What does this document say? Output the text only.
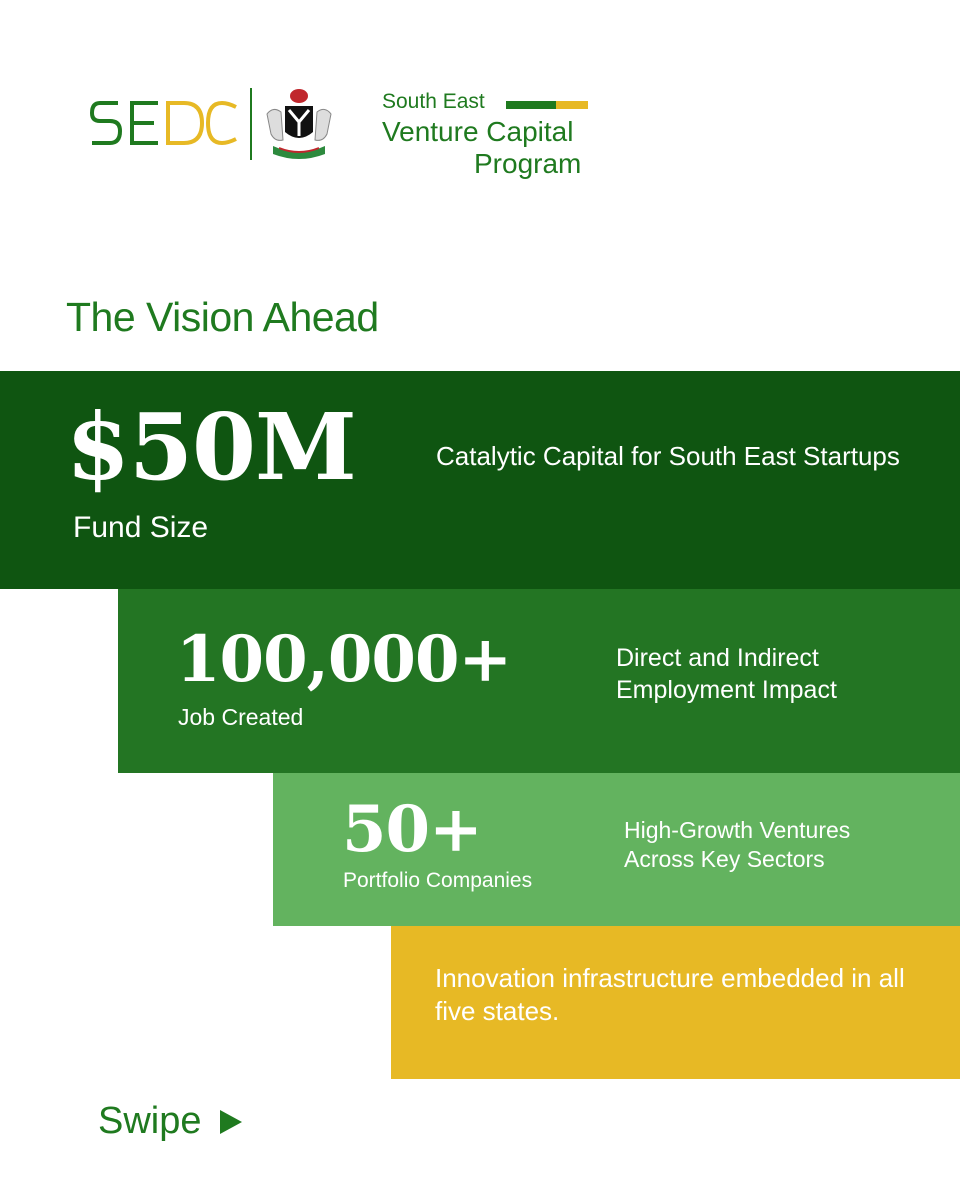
South East
Venture Capital
Program
The Vision Ahead
$50M
Fund Size
Catalytic Capital for South East Startups
100,000+
Job Created
Direct and Indirect Employment Impact
50+
Portfolio Companies
High-Growth Ventures Across Key Sectors
Innovation infrastructure embedded in all five states.
Swipe
